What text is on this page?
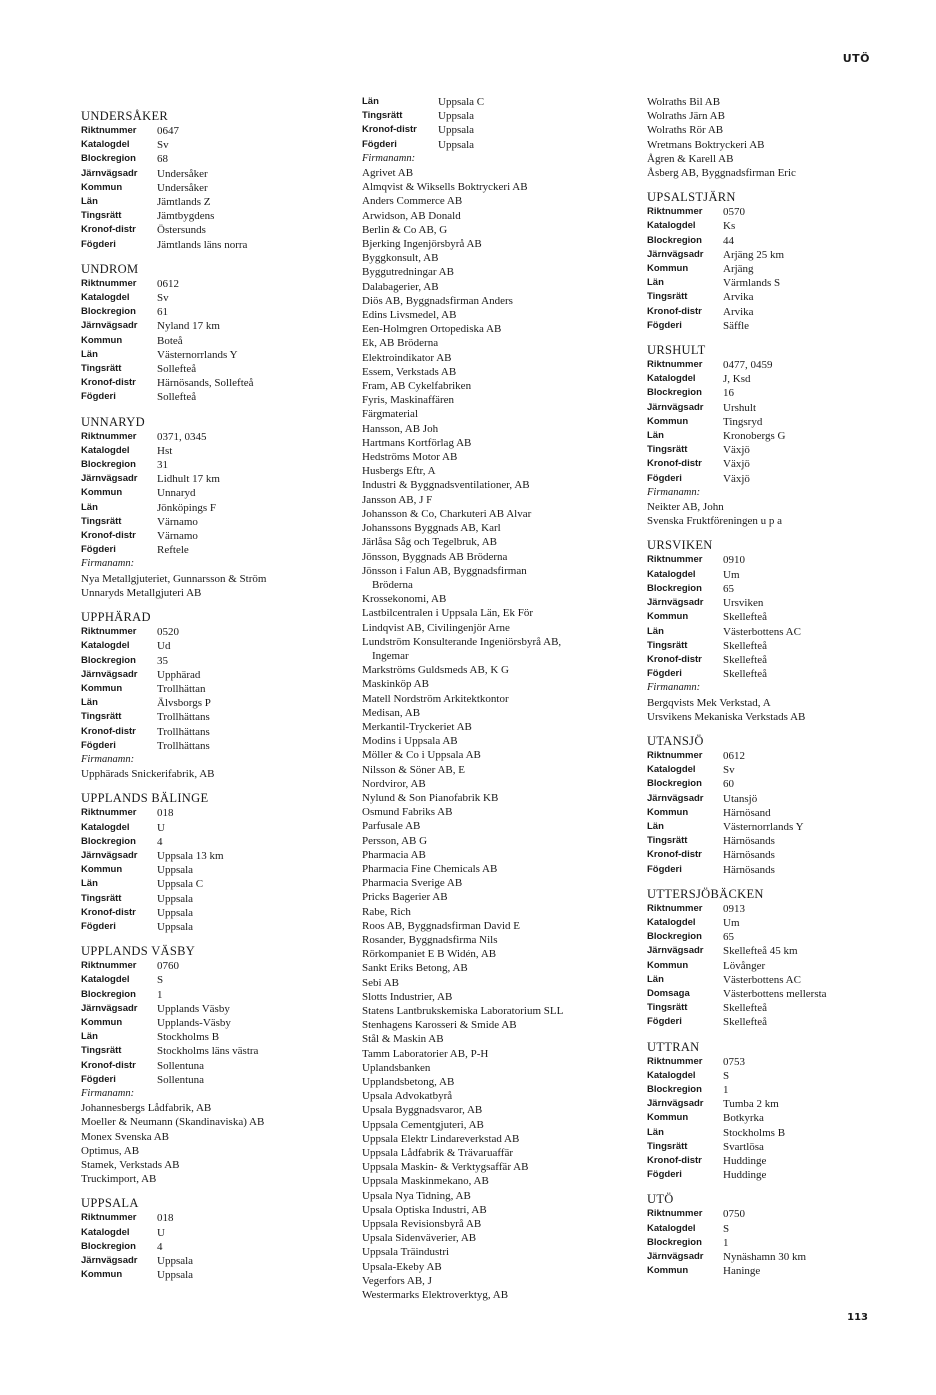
UTÖ
UNDERSÅKER
Riktnummer	0647
Katalogdel	Sv
Blockregion	68
Järnvägsadr	Undersåker
Kommun	Undersåker
Län	Jämtlands Z
Tingsrätt	Jämtbygdens
Kronof-distr	Östersunds
Fögderi	Jämtlands läns norra
UNDROM
Riktnummer	0612
Katalogdel	Sv
Blockregion	61
Järnvägsadr	Nyland 17 km
Kommun	Boteå
Län	Västernorrlands Y
Tingsrätt	Sollefteå
Kronof-distr	Härnösands, Sollefteå
Fögderi	Sollefteå
UNNARYD
Riktnummer	0371, 0345
Katalogdel	Hst
Blockregion	31
Järnvägsadr	Lidhult 17 km
Kommun	Unnaryd
Län	Jönköpings F
Tingsrätt	Värnamo
Kronof-distr	Värnamo
Fögderi	Reftele
Firmanamn:
Nya Metallgjuteriet, Gunnarsson & Ström
Unnaryds Metallgjuteri AB
UPPHÄRAD
Riktnummer	0520
Katalogdel	Ud
Blockregion	35
Järnvägsadr	Upphärad
Kommun	Trollhättan
Län	Älvsborgs P
Tingsrätt	Trollhättans
Kronof-distr	Trollhättans
Fögderi	Trollhättans
Firmanamn:
Upphärads Snickerifabrik, AB
UPPLANDS BÄLINGE
Riktnummer	018
Katalogdel	U
Blockregion	4
Järnvägsadr	Uppsala 13 km
Kommun	Uppsala
Län	Uppsala C
Tingsrätt	Uppsala
Kronof-distr	Uppsala
Fögderi	Uppsala
UPPLANDS VÄSBY
Riktnummer	0760
Katalogdel	S
Blockregion	1
Järnvägsadr	Upplands Väsby
Kommun	Upplands-Väsby
Län	Stockholms B
Tingsrätt	Stockholms läns västra
Kronof-distr	Sollentuna
Fögderi	Sollentuna
Firmanamn:
Johannesbergs Lådfabrik, AB
Moeller & Neumann (Skandinaviska) AB
Monex Svenska AB
Optimus, AB
Stamek, Verkstads AB
Truckimport, AB
UPPSALA
Riktnummer	018
Katalogdel	U
Blockregion	4
Järnvägsadr	Uppsala
Kommun	Uppsala
Län	Uppsala C
Tingsrätt	Uppsala
Kronof-distr	Uppsala
Fögderi	Uppsala
Firmanamn:
Agrivet AB
Almqvist & Wiksells Boktryckeri AB
Anders Commerce AB
Arwidson, AB Donald
Berlin & Co AB, G
Bjerking Ingenjörsbyrå AB
Byggkonsult, AB
Byggutredningar AB
Dalabagerier, AB
Diös AB, Byggnadsfirman Anders
Edins Livsmedel, AB
Een-Holmgren Ortopediska AB
Ek, AB Bröderna
Elektroindikator AB
Essem, Verkstads AB
Fram, AB Cykelfabriken
Fyris, Maskinaffären
Färgmaterial
Hansson, AB Joh
Hartmans Kortförlag AB
Hedströms Motor AB
Husbergs Eftr, A
Industri & Byggnadsventilationer, AB
Jansson AB, J F
Johansson & Co, Charkuteri AB Alvar
Johanssons Byggnads AB, Karl
Järlåsa Såg och Tegelbruk, AB
Jönsson, Byggnads AB Bröderna
Jönsson i Falun AB, Byggnadsfirman
Bröderna
Krossekonomi, AB
Lastbilcentralen i Uppsala Län, Ek För
Lindqvist AB, Civilingenjör Arne
Lundström Konsulterande Ingeniörsbyrå AB,
Ingemar
Markströms Guldsmeds AB, K G
Maskinköp AB
Matell Nordström Arkitektkontor
Medisan, AB
Merkantil-Tryckeriet AB
Modins i Uppsala AB
Möller & Co i Uppsala AB
Nilsson & Söner AB, E
Nordviror, AB
Nylund & Son Pianofabrik KB
Osmund Fabriks AB
Parfusale AB
Persson, AB G
Pharmacia AB
Pharmacia Fine Chemicals AB
Pharmacia Sverige AB
Pricks Bagerier AB
Rabe, Rich
Roos AB, Byggnadsfirman David E
Rosander, Byggnadsfirma Nils
Rörkompaniet E B Widén, AB
Sankt Eriks Betong, AB
Sebi AB
Slotts Industrier, AB
Statens Lantbrukskemiska Laboratorium SLL
Stenhagens Karosseri & Smide AB
Stål & Maskin AB
Tamm Laboratorier AB, P-H
Uplandsbanken
Upplandsbetong, AB
Upsala Advokatbyrå
Upsala Byggnadsvaror, AB
Uppsala Cementgjuteri, AB
Uppsala Elektr Lindareverkstad AB
Uppsala Lådfabrik & Trävaruaffär
Uppsala Maskin- & Verktygsaffär AB
Uppsala Maskinmekano, AB
Upsala Nya Tidning, AB
Upsala Optiska Industri, AB
Uppsala Revisionsbyrå AB
Upsala Sidenväverier, AB
Uppsala Träindustri
Upsala-Ekeby AB
Vegerfors AB, J
Westermarks Elektroverktyg, AB
Wolraths Bil AB
Wolraths Järn AB
Wolraths Rör AB
Wretmans Boktryckeri AB
Ågren & Karell AB
Åsberg AB, Byggnadsfirman Eric
UPSALSTJÄRN
Riktnummer	0570
Katalogdel	Ks
Blockregion	44
Järnvägsadr	Arjäng 25 km
Kommun	Arjäng
Län	Värmlands S
Tingsrätt	Arvika
Kronof-distr	Arvika
Fögderi	Säffle
URSHULT
Riktnummer	0477, 0459
Katalogdel	J, Ksd
Blockregion	16
Järnvägsadr	Urshult
Kommun	Tingsryd
Län	Kronobergs G
Tingsrätt	Växjö
Kronof-distr	Växjö
Fögderi	Växjö
Firmanamn:
Neikter AB, John
Svenska Fruktföreningen u p a
URSVIKEN
Riktnummer	0910
Katalogdel	Um
Blockregion	65
Järnvägsadr	Ursviken
Kommun	Skellefteå
Län	Västerbottens AC
Tingsrätt	Skellefteå
Kronof-distr	Skellefteå
Fögderi	Skellefteå
Firmanamn:
Bergqvists Mek Verkstad, A
Ursvikens Mekaniska Verkstads AB
UTANSJÖ
Riktnummer	0612
Katalogdel	Sv
Blockregion	60
Järnvägsadr	Utansjö
Kommun	Härnösand
Län	Västernorrlands Y
Tingsrätt	Härnösands
Kronof-distr	Härnösands
Fögderi	Härnösands
UTTERSJÖBÄCKEN
Riktnummer	0913
Katalogdel	Um
Blockregion	65
Järnvägsadr	Skellefteå 45 km
Kommun	Lövånger
Län	Västerbottens AC
Domsaga	Västerbottens mellersta
Tingsrätt	Skellefteå
Fögderi	Skellefteå
UTTRAN
Riktnummer	0753
Katalogdel	S
Blockregion	1
Järnvägsadr	Tumba 2 km
Kommun	Botkyrka
Län	Stockholms B
Tingsrätt	Svartlösa
Kronof-distr	Huddinge
Fögderi	Huddinge
UTÖ
Riktnummer	0750
Katalogdel	S
Blockregion	1
Järnvägsadr	Nynäshamn 30 km
Kommun	Haninge
113
